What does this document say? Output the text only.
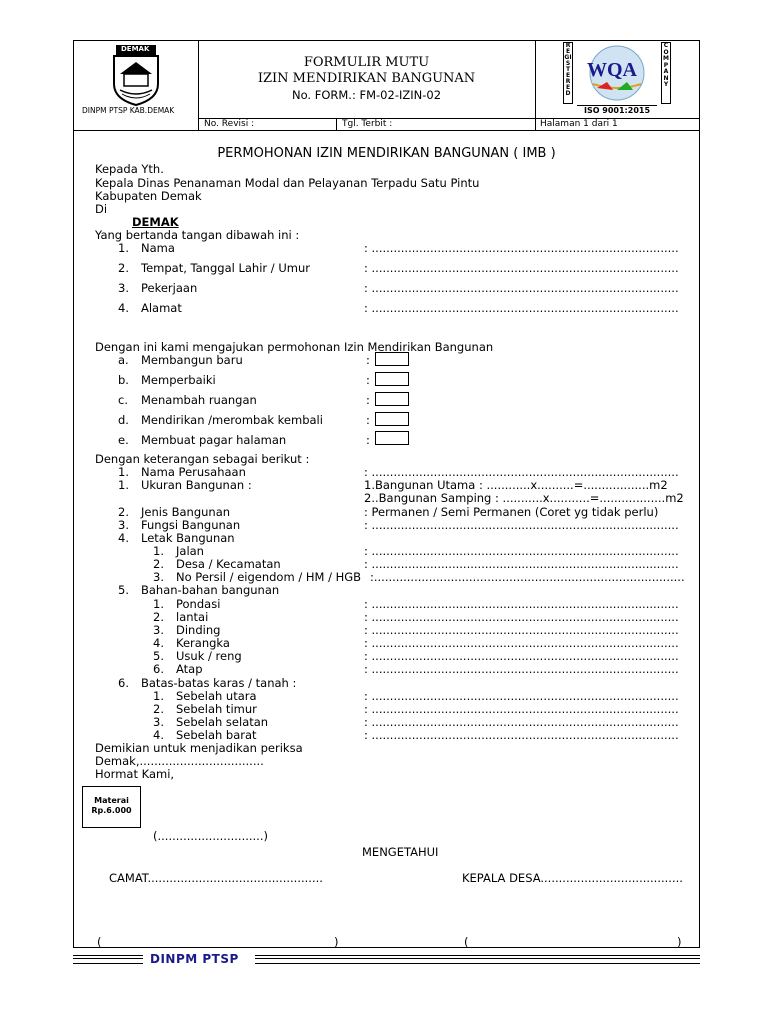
DEMAK
DINPM PTSP KAB.DEMAK
FORMULIR MUTU
IZIN MENDIRIKAN BANGUNAN
No. FORM.: FM-02-IZIN-02
REGISTERED
COMPANY
WQA
ISO 9001:2015
No. Revisi :	Tgl. Terbit :	Halaman 1 dari 1
PERMOHONAN IZIN MENDIRIKAN BANGUNAN ( IMB )
Kepada Yth.
Kepala Dinas Penanaman Modal dan Pelayanan Terpadu Satu Pintu
Kabupaten Demak
Di
DEMAK
Yang bertanda tangan dibawah ini :
1. Nama	: ....................................................................................
2. Tempat, Tanggal Lahir / Umur	: ....................................................................................
3. Pekerjaan	: ....................................................................................
4. Alamat	: ....................................................................................
Dengan ini kami mengajukan permohonan Izin Mendirikan Bangunan
a. Membangun baru	:
b. Memperbaiki	:
c. Menambah ruangan	:
d. Mendirikan /merombak kembali	:
e. Membuat pagar halaman	:
Dengan keterangan sebagai berikut :
1. Nama Perusahaan	: ....................................................................................
1. Ukuran Bangunan :	1.Bangunan Utama : ............x..........=..................m2
2..Bangunan Samping : ...........x...........=..................m2
2. Jenis Bangunan	: Permanen / Semi Permanen (Coret yg tidak perlu)
3. Fungsi Bangunan	: ....................................................................................
4. Letak Bangunan
1. Jalan	: ....................................................................................
2. Desa / Kecamatan	: ....................................................................................
3. No Persil / eigendom / HM / HGB :.....................................................................................
5. Bahan-bahan bangunan
1. Pondasi	: ....................................................................................
2. lantai	: ....................................................................................
3. Dinding	: ....................................................................................
4. Kerangka	: ....................................................................................
5. Usuk / reng	: ....................................................................................
6. Atap	: ....................................................................................
6. Batas-batas karas / tanah :
1. Sebelah utara	: ....................................................................................
2. Sebelah timur	: ....................................................................................
3. Sebelah selatan	: ....................................................................................
4. Sebelah barat	: ....................................................................................
Demikian untuk menjadikan periksa
Demak,..................................
Hormat Kami,
Materai
Rp.6.000
(.............................)
MENGETAHUI
CAMAT................................................	KEPALA DESA.......................................
(	)	(	)
DINPM PTSP
